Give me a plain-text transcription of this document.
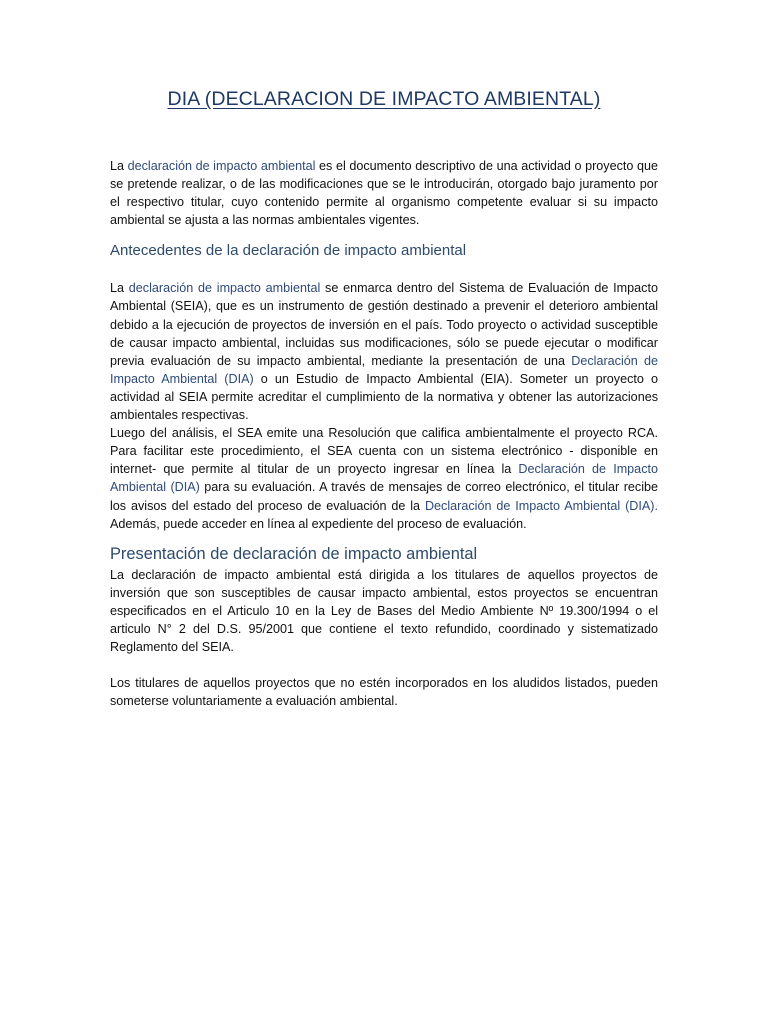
DIA (DECLARACION DE IMPACTO AMBIENTAL)

La declaración de impacto ambiental es el documento descriptivo de una actividad o proyecto que se pretende realizar, o de las modificaciones que se le introducirán, otorgado bajo juramento por el respectivo titular, cuyo contenido permite al organismo competente evaluar si su impacto ambiental se ajusta a las normas ambientales vigentes.

Antecedentes de la declaración de impacto ambiental

La declaración de impacto ambiental se enmarca dentro del Sistema de Evaluación de Impacto Ambiental (SEIA), que es un instrumento de gestión destinado a prevenir el deterioro ambiental debido a la ejecución de proyectos de inversión en el país. Todo proyecto o actividad susceptible de causar impacto ambiental, incluidas sus modificaciones, sólo se puede ejecutar o modificar previa evaluación de su impacto ambiental, mediante la presentación de una Declaración de Impacto Ambiental (DIA) o un Estudio de Impacto Ambiental (EIA). Someter un proyecto o actividad al SEIA permite acreditar el cumplimiento de la normativa y obtener las autorizaciones ambientales respectivas.

Luego del análisis, el SEA emite una Resolución que califica ambientalmente el proyecto RCA. Para facilitar este procedimiento, el SEA cuenta con un sistema electrónico - disponible en internet- que permite al titular de un proyecto ingresar en línea la Declaración de Impacto Ambiental (DIA) para su evaluación. A través de mensajes de correo electrónico, el titular recibe los avisos del estado del proceso de evaluación de la Declaración de Impacto Ambiental (DIA). Además, puede acceder en línea al expediente del proceso de evaluación.

Presentación de declaración de impacto ambiental

La declaración de impacto ambiental está dirigida a los titulares de aquellos proyectos de inversión que son susceptibles de causar impacto ambiental, estos proyectos se encuentran especificados en el Articulo 10 en la Ley de Bases del Medio Ambiente Nº 19.300/1994 o el articulo N° 2 del D.S. 95/2001 que contiene el texto refundido, coordinado y sistematizado Reglamento del SEIA.

Los titulares de aquellos proyectos que no estén incorporados en los aludidos listados, pueden someterse voluntariamente a evaluación ambiental.
